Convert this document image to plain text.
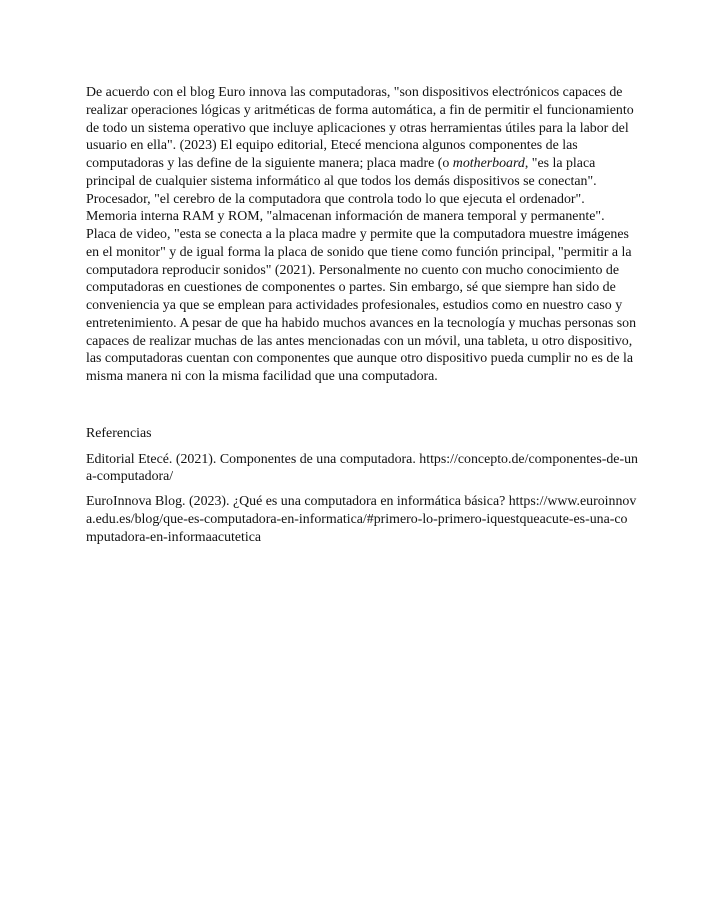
De acuerdo con el blog Euro innova las computadoras, "son dispositivos electrónicos capaces de realizar operaciones lógicas y aritméticas de forma automática, a fin de permitir el funcionamiento de todo un sistema operativo que incluye aplicaciones y otras herramientas útiles para la labor del usuario en ella". (2023) El equipo editorial, Etecé menciona algunos componentes de las computadoras y las define de la siguiente manera; placa madre (o motherboard, "es la placa principal de cualquier sistema informático al que todos los demás dispositivos se conectan". Procesador, "el cerebro de la computadora que controla todo lo que ejecuta el ordenador". Memoria interna RAM y ROM, "almacenan información de manera temporal y permanente". Placa de video, "esta se conecta a la placa madre y permite que la computadora muestre imágenes en el monitor" y de igual forma la placa de sonido que tiene como función principal, "permitir a la computadora reproducir sonidos" (2021). Personalmente no cuento con mucho conocimiento de computadoras en cuestiones de componentes o partes. Sin embargo, sé que siempre han sido de conveniencia ya que se emplean para actividades profesionales, estudios como en nuestro caso y entretenimiento. A pesar de que ha habido muchos avances en la tecnología y muchas personas son capaces de realizar muchas de las antes mencionadas con un móvil, una tableta, u otro dispositivo, las computadoras cuentan con componentes que aunque otro dispositivo pueda cumplir no es de la misma manera ni con la misma facilidad que una computadora.

Referencias

Editorial Etecé. (2021). Componentes de una computadora. https://concepto.de/componentes-de-una-computadora/

EuroInnova Blog. (2023). ¿Qué es una computadora en informática básica? https://www.euroinnova.edu.es/blog/que-es-computadora-en-informatica/#primero-lo-primero-iquestqueacute-es-una-computadora-en-informaacutetica
